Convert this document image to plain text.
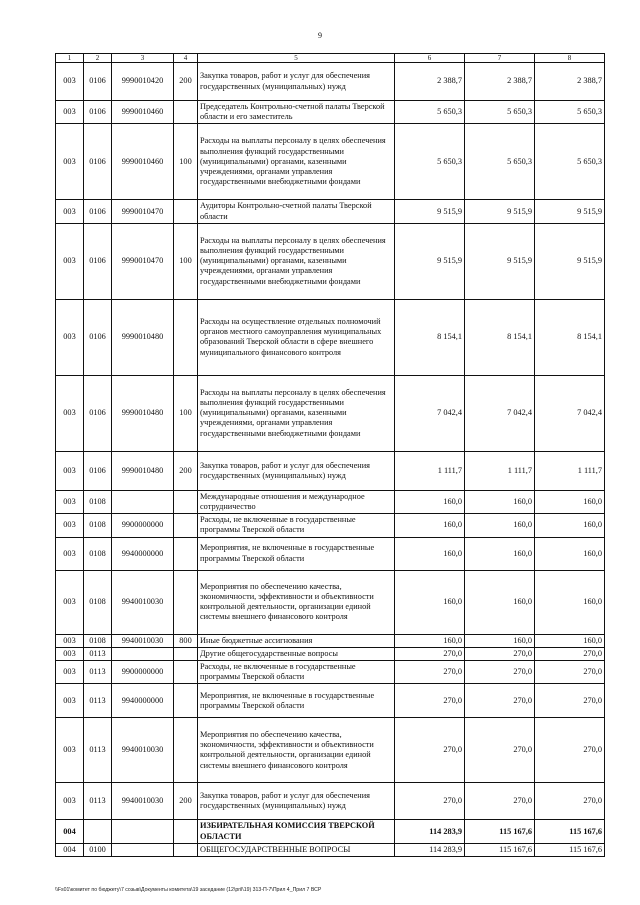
9
1	2	3	4	5	6	7	8
003	0106	9990010420	200	Закупка товаров, работ и услуг для обеспечения государственных (муниципальных) нужд	2 388,7	2 388,7	2 388,7
003	0106	9990010460		Председатель Контрольно-счетной палаты Тверской области и его заместитель	5 650,3	5 650,3	5 650,3
003	0106	9990010460	100	Расходы на выплаты персоналу в целях обеспечения выполнения функций государственными (муниципальными) органами, казенными учреждениями, органами управления государственными внебюджетными фондами	5 650,3	5 650,3	5 650,3
003	0106	9990010470		Аудиторы Контрольно-счетной палаты Тверской области	9 515,9	9 515,9	9 515,9
003	0106	9990010470	100	Расходы на выплаты персоналу в целях обеспечения выполнения функций государственными (муниципальными) органами, казенными учреждениями, органами управления государственными внебюджетными фондами	9 515,9	9 515,9	9 515,9
003	0106	9990010480		Расходы на осуществление отдельных полномочий органов местного самоуправления муниципальных образований Тверской области в сфере внешнего муниципального финансового контроля	8 154,1	8 154,1	8 154,1
003	0106	9990010480	100	Расходы на выплаты персоналу в целях обеспечения выполнения функций государственными (муниципальными) органами, казенными учреждениями, органами управления государственными внебюджетными фондами	7 042,4	7 042,4	7 042,4
003	0106	9990010480	200	Закупка товаров, работ и услуг для обеспечения государственных (муниципальных) нужд	1 111,7	1 111,7	1 111,7
003	0108			Международные отношения и международное сотрудничество	160,0	160,0	160,0
003	0108	9900000000		Расходы, не включенные в государственные программы Тверской области	160,0	160,0	160,0
003	0108	9940000000		Мероприятия, не включенные в государственные программы Тверской области	160,0	160,0	160,0
003	0108	9940010030		Мероприятия по обеспечению качества, экономичности, эффективности и объективности контрольной деятельности, организации единой системы внешнего финансового контроля	160,0	160,0	160,0
003	0108	9940010030	800	Иные бюджетные ассигнования	160,0	160,0	160,0
003	0113			Другие общегосударственные вопросы	270,0	270,0	270,0
003	0113	9900000000		Расходы, не включенные в государственные программы Тверской области	270,0	270,0	270,0
003	0113	9940000000		Мероприятия, не включенные в государственные программы Тверской области	270,0	270,0	270,0
003	0113	9940010030		Мероприятия по обеспечению качества, экономичности, эффективности и объективности контрольной деятельности, организации единой системы внешнего финансового контроля	270,0	270,0	270,0
003	0113	9940010030	200	Закупка товаров, работ и услуг для обеспечения государственных (муниципальных) нужд	270,0	270,0	270,0
004				ИЗБИРАТЕЛЬНАЯ КОМИССИЯ ТВЕРСКОЙ ОБЛАСТИ	114 283,9	115 167,6	115 167,6
004	0100			ОБЩЕГОСУДАРСТВЕННЫЕ ВОПРОСЫ	114 283,9	115 167,6	115 167,6
\\Fs01\комитет по бюджету\7 созыв\Документы комитета\19 заседание (12\pril\19) 313-П-7\Прил 4_Прил 7 ВСР
